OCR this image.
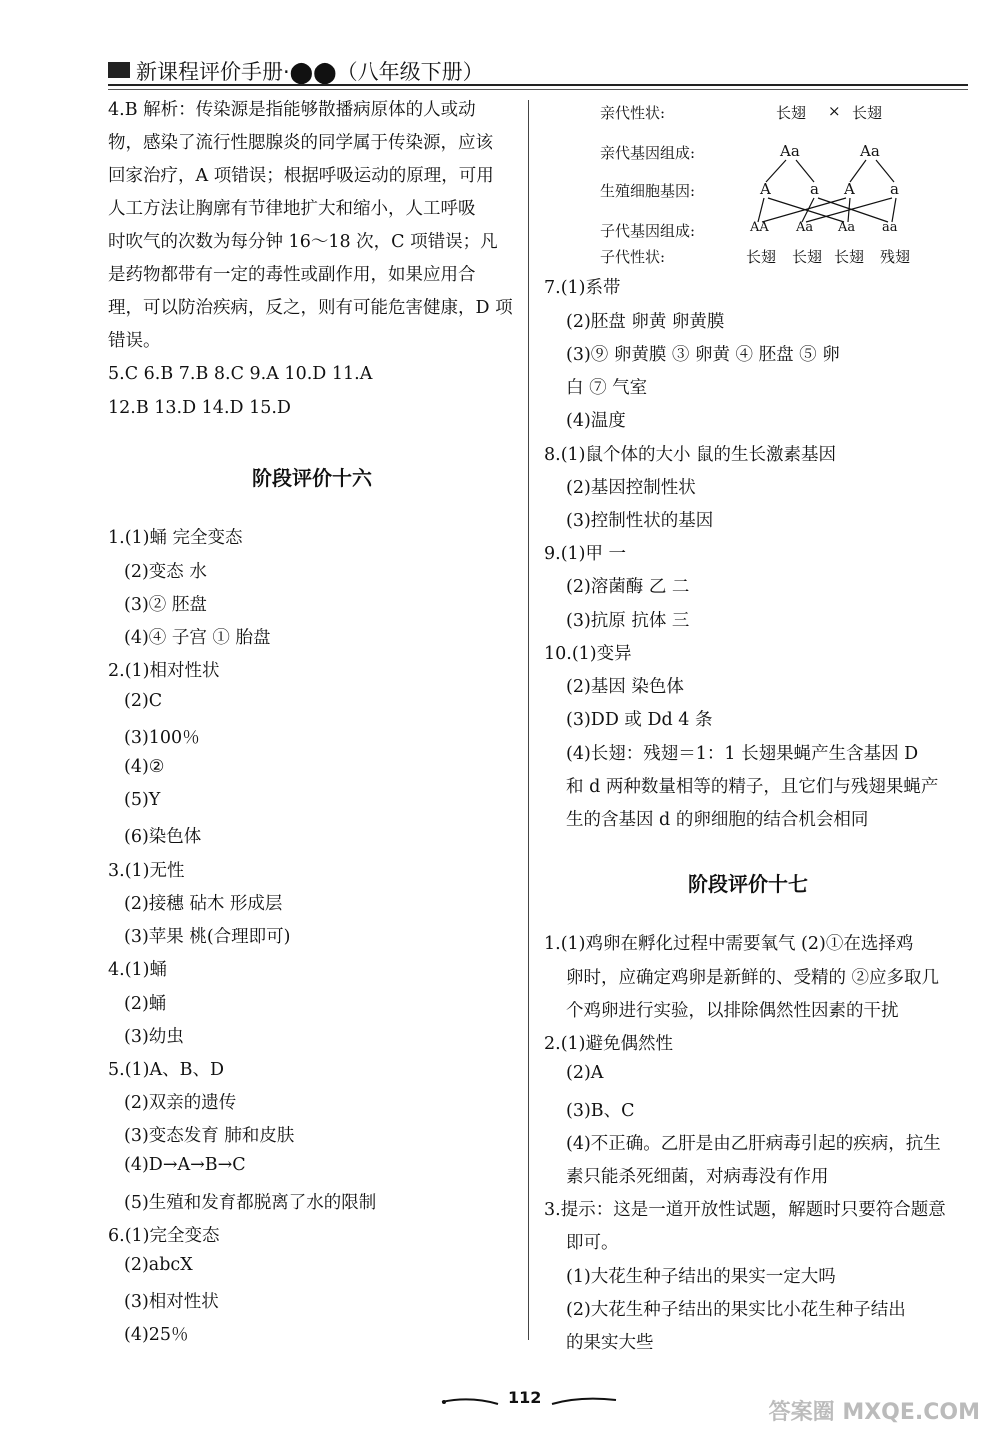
新课程评价手册·⬤⬤（八年级下册）
4.B 解析：传染源是指能够散播病原体的人或动
物，感染了流行性腮腺炎的同学属于传染源，应该
回家治疗，A 项错误；根据呼吸运动的原理，可用
人工方法让胸廓有节律地扩大和缩小，人工呼吸
时吹气的次数为每分钟 16～18 次，C 项错误；凡
是药物都带有一定的毒性或副作用，如果应用合
理，可以防治疾病，反之，则有可能危害健康，D 项
错误。
5.C 6.B 7.B 8.C 9.A 10.D 11.A
12.B 13.D 14.D 15.D
阶段评价十六
1.(1)蛹 完全变态
(2)变态 水
(3)② 胚盘
(4)④ 子宫 ① 胎盘
2.(1)相对性状
(2)C
(3)100％
(4)②
(5)Y
(6)染色体
3.(1)无性
(2)接穗 砧木 形成层
(3)苹果 桃(合理即可)
4.(1)蛹
(2)蛹
(3)幼虫
5.(1)A、B、D
(2)双亲的遗传
(3)变态发育 肺和皮肤
(4)D→A→B→C
(5)生殖和发育都脱离了水的限制
6.(1)完全变态
(2)abcX
(3)相对性状
(4)25％
亲代性状:
亲代基因组成:
生殖细胞基因:
子代基因组成:
子代性状:
长翅 × 长翅
Aa	Aa
A	a A a
AA Aa Aa aa
长翅 长翅 长翅 残翅
7.(1)系带
(2)胚盘 卵黄 卵黄膜
(3)⑨ 卵黄膜 ③ 卵黄 ④ 胚盘 ⑤ 卵
白 ⑦ 气室
(4)温度
8.(1)鼠个体的大小 鼠的生长激素基因
(2)基因控制性状
(3)控制性状的基因
9.(1)甲 一
(2)溶菌酶 乙 二
(3)抗原 抗体 三
10.(1)变异
(2)基因 染色体
(3)DD 或 Dd 4 条
(4)长翅：残翅＝1：1 长翅果蝇产生含基因 D
和 d 两种数量相等的精子，且它们与残翅果蝇产
生的含基因 d 的卵细胞的结合机会相同
阶段评价十七
1.(1)鸡卵在孵化过程中需要氧气 (2)①在选择鸡
卵时，应确定鸡卵是新鲜的、受精的 ②应多取几
个鸡卵进行实验，以排除偶然性因素的干扰
2.(1)避免偶然性
(2)A
(3)B、C
(4)不正确。乙肝是由乙肝病毒引起的疾病，抗生
素只能杀死细菌，对病毒没有作用
3.提示：这是一道开放性试题，解题时只要符合题意
即可。
(1)大花生种子结出的果实一定大吗
(2)大花生种子结出的果实比小花生种子结出
的果实大些
112
答案圈 MXQE.COM
